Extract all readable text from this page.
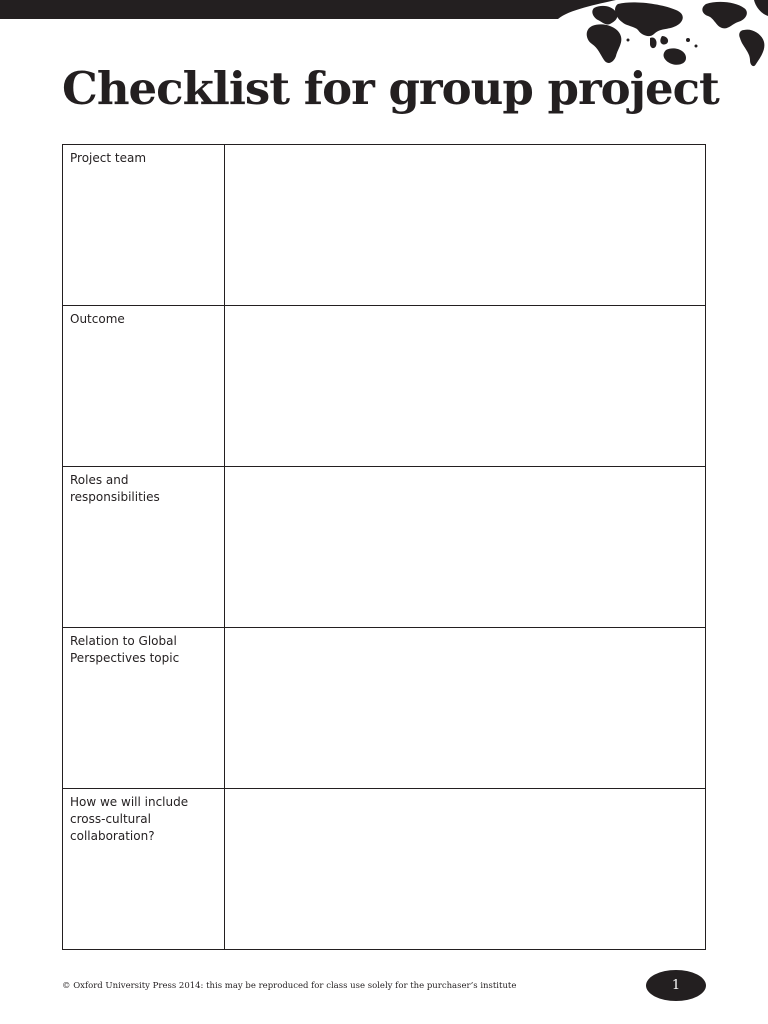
Checklist for group project
Project team	
Outcome	
Roles and responsibilities	
Relation to Global Perspectives topic	
How we will include cross-cultural collaboration?	
© Oxford University Press 2014: this may be reproduced for class use solely for the purchaser’s institute	1
